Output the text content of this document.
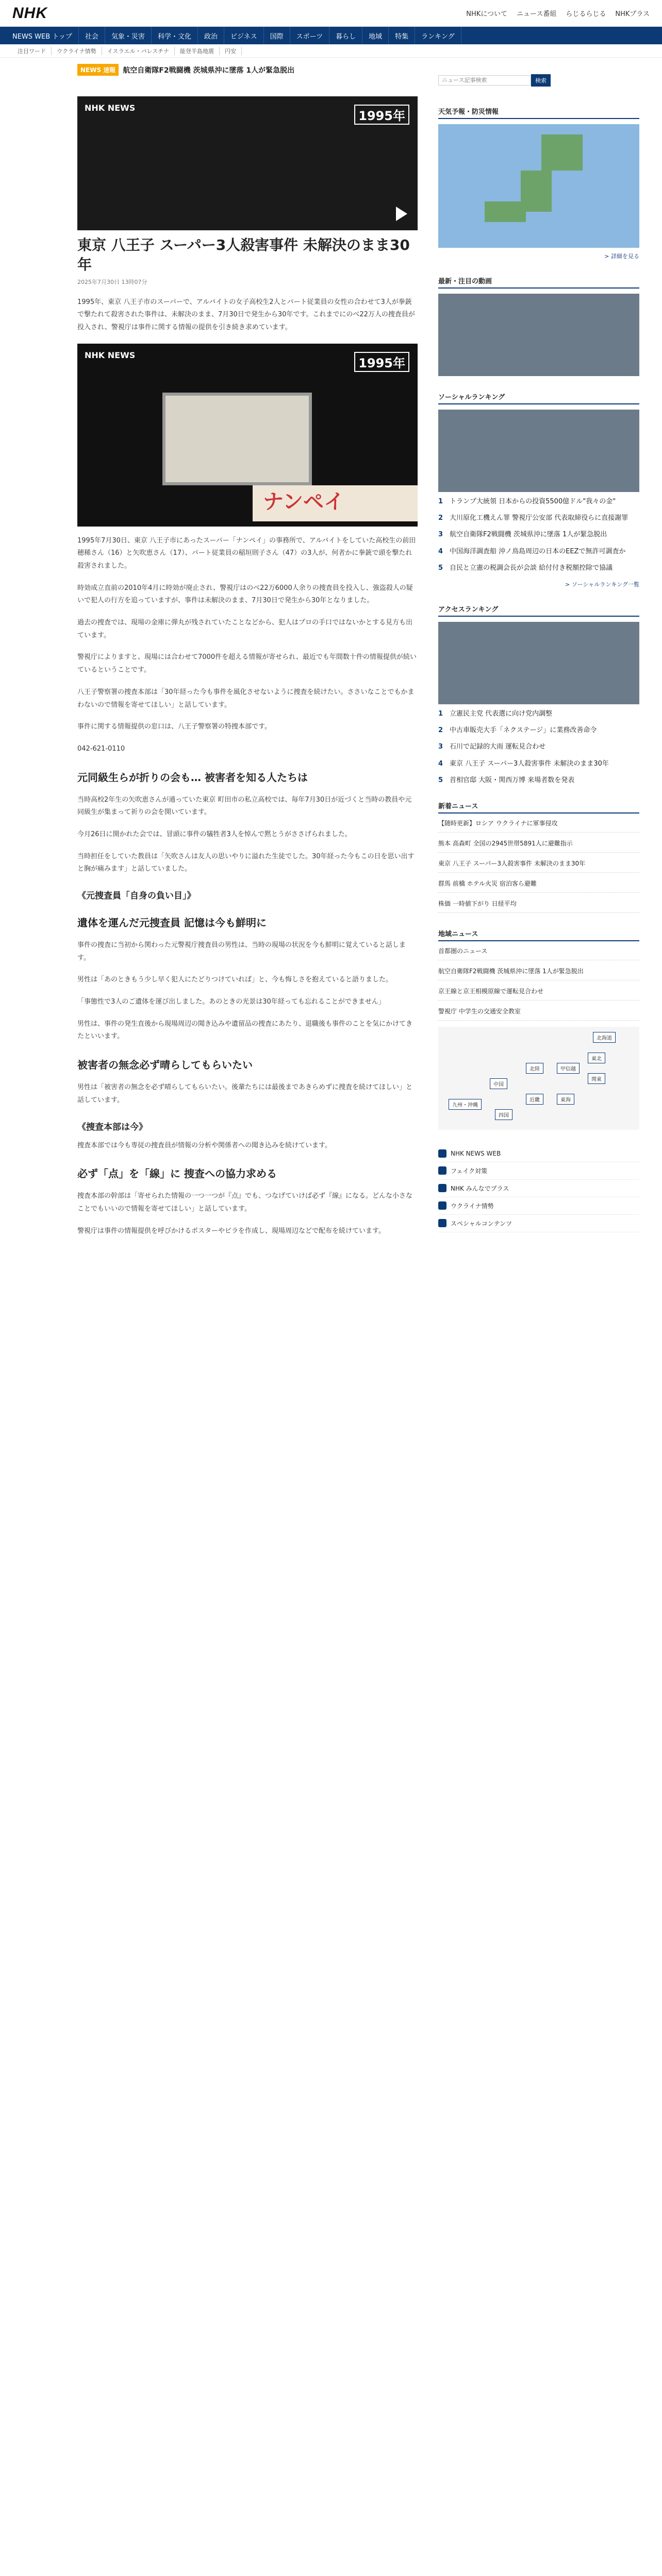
NHK	NHKについて ニュース番組 らじるらじる NHKプラス
NEWS WEB トップ	社会	気象・災害	科学・文化	政治	ビジネス	国際	スポーツ	暮らし	地域	特集	ランキング
注目ワード	ウクライナ情勢	イスラエル・パレスチナ	能登半島地震	円安
NEWS 速報	航空自衛隊F2戦闘機 茨城県沖に墜落 1人が緊急脱出
NHK NEWS
1995年
東京 八王子 スーパー3人殺害事件 未解決のまま30年
2025年7月30日 13時07分

1995年、東京 八王子市のスーパーで、アルバイトの女子高校生2人とパート従業員の女性の合わせて3人が拳銃で撃たれて殺害された事件は、未解決のまま、7月30日で発生から30年です。これまでにのべ22万人の捜査員が投入され、警視庁は事件に関する情報の提供を引き続き求めています。

NHK NEWS
1995年
ナンペイ

1995年7月30日、東京 八王子市にあったスーパー「ナンペイ」の事務所で、アルバイトをしていた高校生の前田穂稀さん（16）と矢吹恵さん（17）、パート従業員の稲垣則子さん（47）の3人が、何者かに拳銃で頭を撃たれ殺害されました。

時効成立直前の2010年4月に時効が廃止され、警視庁はのべ22万6000人余りの捜査員を投入し、強盗殺人の疑いで犯人の行方を追っていますが、事件は未解決のまま、7月30日で発生から30年となりました。

過去の捜査では、現場の金庫に弾丸が残されていたことなどから、犯人はプロの手口ではないかとする見方も出ています。

警視庁によりますと、現場には合わせて7000件を超える情報が寄せられ、最近でも年間数十件の情報提供が続いているということです。

八王子警察署の捜査本部は「30年経った今も事件を風化させないように捜査を続けたい。ささいなことでもかまわないので情報を寄せてほしい」と話しています。

事件に関する情報提供の窓口は、八王子警察署の特捜本部です。

042-621-0110

元同級生らが折りの会も… 被害者を知る人たちは

当時高校2年生の矢吹恵さんが通っていた東京 町田市の私立高校では、毎年7月30日が近づくと当時の教員や元同級生が集まって祈りの会を開いています。

今月26日に開かれた会では、冒頭に事件の犠牲者3人を悼んで黙とうがささげられました。

当時担任をしていた教員は「矢吹さんは友人の思いやりに溢れた生徒でした。30年経った今もこの日を思い出すと胸が痛みます」と話していました。

《元捜査員「自身の負い目」》
遺体を運んだ元捜査員 記憶は今も鮮明に

事件の捜査に当初から関わった元警視庁捜査員の男性は、当時の現場の状況を今も鮮明に覚えていると話します。

男性は「あのときもう少し早く犯人にたどりつけていれば」と、今も悔しさを抱えていると語りました。

「事態性で3人のご遺体を運び出しました。あのときの光景は30年経っても忘れることができません」

男性は、事件の発生直後から現場周辺の聞き込みや遺留品の捜査にあたり、退職後も事件のことを気にかけてきたといいます。

被害者の無念必ず晴らしてもらいたい

男性は「被害者の無念を必ず晴らしてもらいたい。後輩たちには最後まであきらめずに捜査を続けてほしい」と話しています。

《捜査本部は今》

捜査本部では今も専従の捜査員が情報の分析や関係者への聞き込みを続けています。

必ず「点」を「線」に 捜査への協力求める

捜査本部の幹部は「寄せられた情報の一つ一つが『点』でも、つなげていけば必ず『線』になる。どんな小さなことでもいいので情報を寄せてほしい」と話しています。

警視庁は事件の情報提供を呼びかけるポスターやビラを作成し、現場周辺などで配布を続けています。

ニュース記事検索
検索
天気予報・防災情報
> 詳細を見る
最新・注目の動画
ソーシャルランキング
1 トランプ大統領 日本からの投資5500億ドル"我々の金"
2 大川原化工機えん罪 警視庁公安部 代表取締役らに直接謝罪
3 航空自衛隊F2戦闘機 茨城県沖に墜落 1人が緊急脱出
4 中国海洋調査船 沖ノ鳥島周辺の日本のEEZで無許可調査か
5 自民と立憲の税調会長が会談 給付付き税額控除で協議
> ソーシャルランキング一覧
アクセスランキング
1 立憲民主党 代表選に向け党内調整
2 中古車販売大手「ネクステージ」に業務改善命令
3 石川で記録的大雨 運転見合わせ
4 東京 八王子 スーパー3人殺害事件 未解決のまま30年
5 首相官邸 大阪・関西万博 来場者数を発表
新着ニュース
【随時更新】ロシア ウクライナに軍事侵攻
熊本 高森町 全国の2945世帯5891人に避難指示
東京 八王子 スーパー3人殺害事件 未解決のまま30年
群馬 前橋 ホテル火災 宿泊客ら避難
株価 一時値下がり 日経平均
地域ニュース
首都圏のニュース
航空自衛隊F2戦闘機 茨城県沖に墜落 1人が緊急脱出
京王線と京王相模原線で運転見合わせ
警視庁 中学生の交通安全教室
北海道
東北
関東
甲信越
東海
北陸
近畿
中国
四国
九州・沖縄
NHK NEWS WEB
フェイク対策
NHK みんなでプラス
ウクライナ情勢
スペシャルコンテンツ
